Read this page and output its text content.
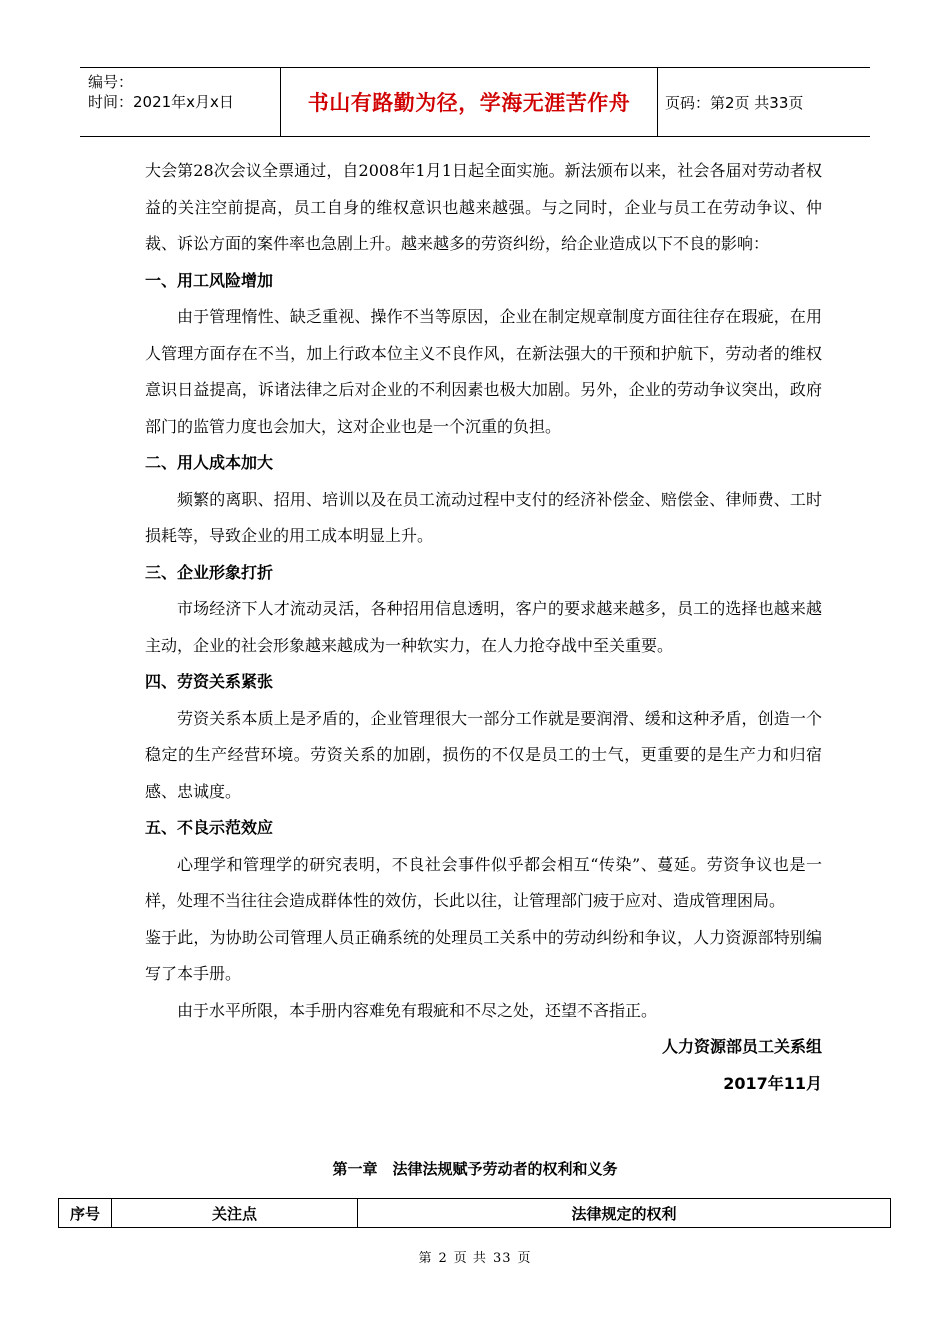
编号：
时间：2021年x月x日	书山有路勤为径，学海无涯苦作舟	页码：第2页 共33页

大会第28次会议全票通过，自2008年1月1日起全面实施。新法颁布以来，社会各届对劳动者权益的关注空前提高，员工自身的维权意识也越来越强。与之同时，企业与员工在劳动争议、仲裁、诉讼方面的案件率也急剧上升。越来越多的劳资纠纷，给企业造成以下不良的影响：

一、用工风险增加

由于管理惰性、缺乏重视、操作不当等原因，企业在制定规章制度方面往往存在瑕疵，在用人管理方面存在不当，加上行政本位主义不良作风，在新法强大的干预和护航下，劳动者的维权意识日益提高，诉诸法律之后对企业的不利因素也极大加剧。另外，企业的劳动争议突出，政府部门的监管力度也会加大，这对企业也是一个沉重的负担。

二、用人成本加大

频繁的离职、招用、培训以及在员工流动过程中支付的经济补偿金、赔偿金、律师费、工时损耗等，导致企业的用工成本明显上升。

三、企业形象打折

市场经济下人才流动灵活，各种招用信息透明，客户的要求越来越多，员工的选择也越来越主动，企业的社会形象越来越成为一种软实力，在人力抢夺战中至关重要。

四、劳资关系紧张

劳资关系本质上是矛盾的，企业管理很大一部分工作就是要润滑、缓和这种矛盾，创造一个稳定的生产经营环境。劳资关系的加剧，损伤的不仅是员工的士气，更重要的是生产力和归宿感、忠诚度。

五、不良示范效应

心理学和管理学的研究表明，不良社会事件似乎都会相互“传染”、蔓延。劳资争议也是一样，处理不当往往会造成群体性的效仿，长此以往，让管理部门疲于应对、造成管理困局。

鉴于此，为协助公司管理人员正确系统的处理员工关系中的劳动纠纷和争议，人力资源部特别编写了本手册。

由于水平所限，本手册内容难免有瑕疵和不尽之处，还望不吝指正。

人力资源部员工关系组

2017年11月

第一章　法律法规赋予劳动者的权利和义务
序号	关注点	法律规定的权利
第 2 页 共 33 页
